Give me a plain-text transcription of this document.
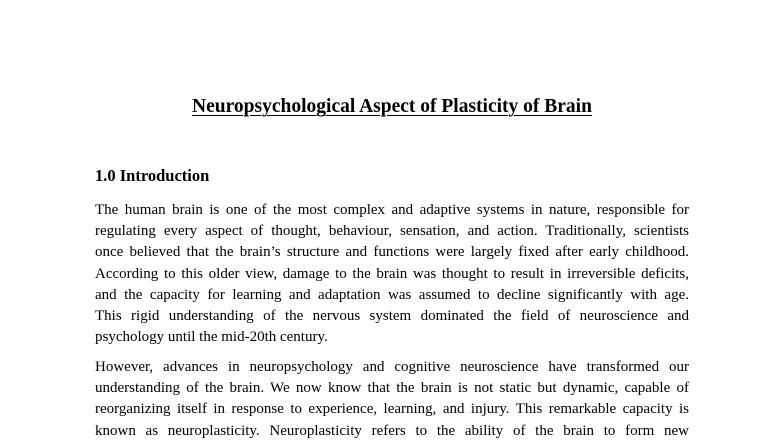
Neuropsychological Aspect of Plasticity of Brain
1.0 Introduction

The human brain is one of the most complex and adaptive systems in nature, responsible for
regulating every aspect of thought, behaviour, sensation, and action. Traditionally, scientists
once believed that the brain’s structure and functions were largely fixed after early childhood.
According to this older view, damage to the brain was thought to result in irreversible deficits,
and the capacity for learning and adaptation was assumed to decline significantly with age.
This rigid understanding of the nervous system dominated the field of neuroscience and
psychology until the mid-20th century.

However, advances in neuropsychology and cognitive neuroscience have transformed our
understanding of the brain. We now know that the brain is not static but dynamic, capable of
reorganizing itself in response to experience, learning, and injury. This remarkable capacity is
known as neuroplasticity. Neuroplasticity refers to the ability of the brain to form new
